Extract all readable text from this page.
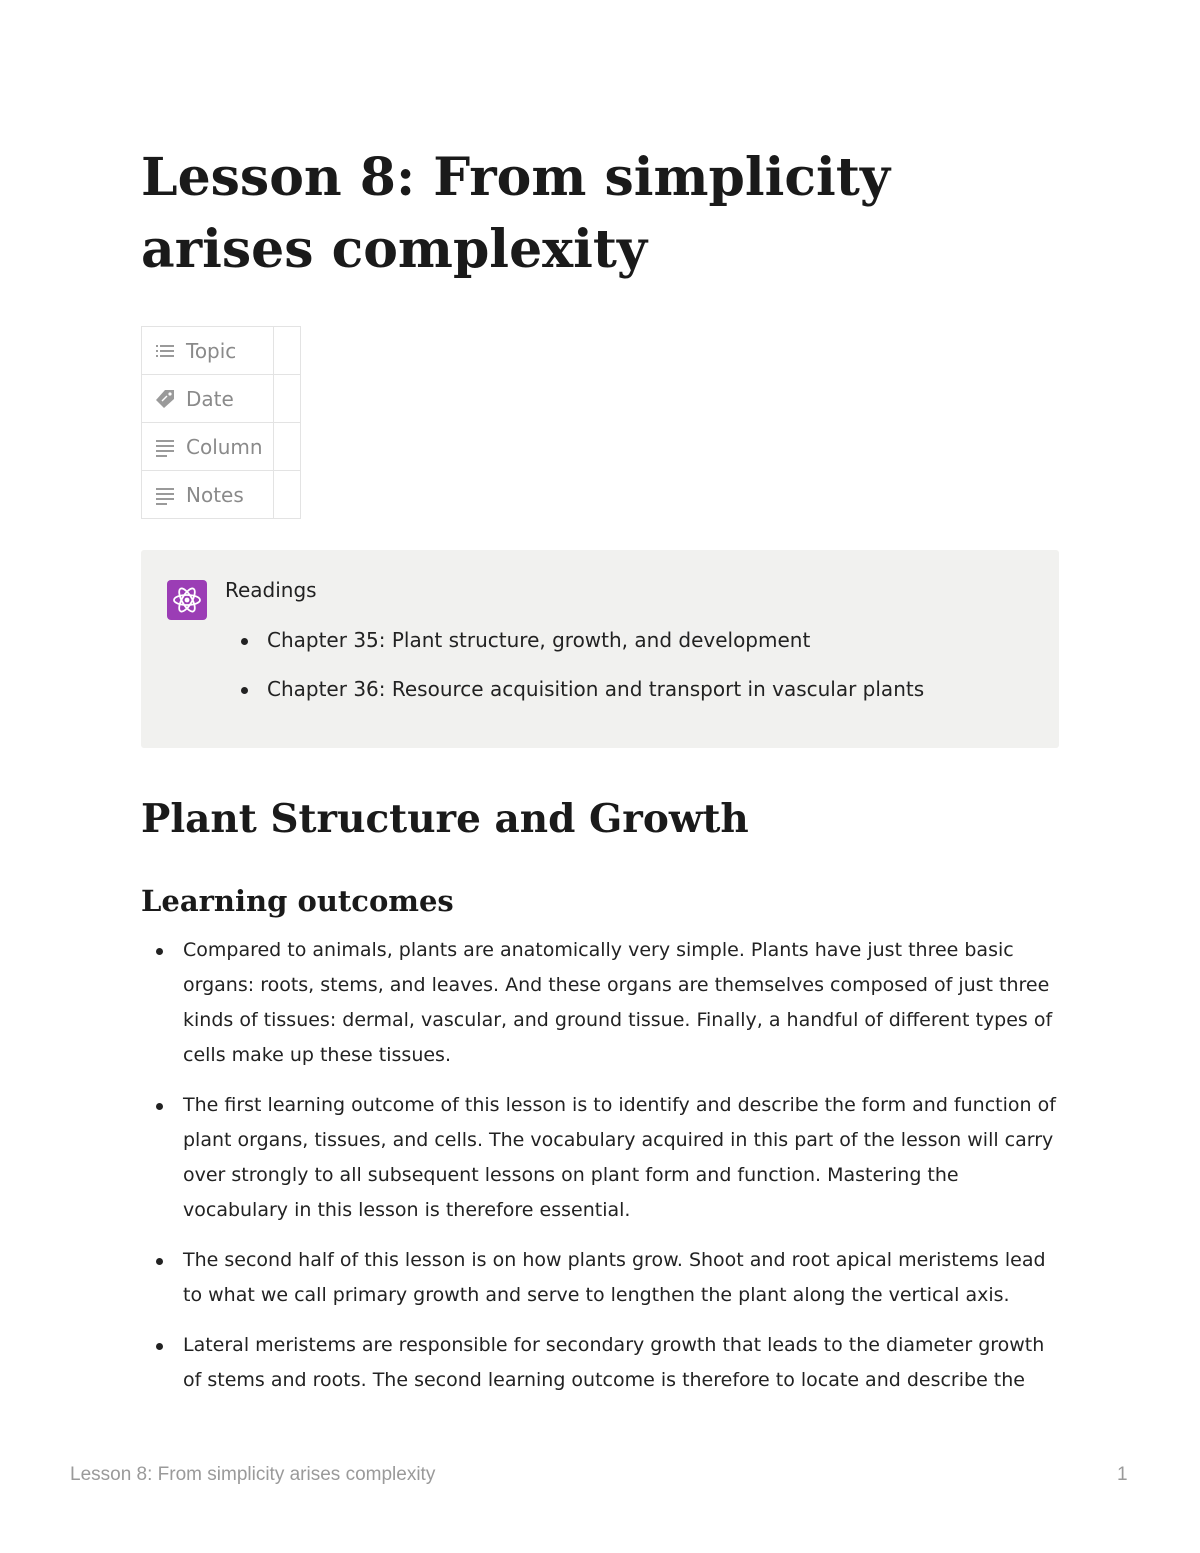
Lesson 8: From simplicity arises complexity
Topic	

Date	

Column	

Notes	

Readings
Chapter 35: Plant structure, growth, and development
Chapter 36: Resource acquisition and transport in vascular plants
Plant Structure and Growth
Learning outcomes
Compared to animals, plants are anatomically very simple. Plants have just three basic organs: roots, stems, and leaves. And these organs are themselves composed of just three kinds of tissues: dermal, vascular, and ground tissue. Finally, a handful of different types of cells make up these tissues.
The first learning outcome of this lesson is to identify and describe the form and function of plant organs, tissues, and cells. The vocabulary acquired in this part of the lesson will carry over strongly to all subsequent lessons on plant form and function. Mastering the vocabulary in this lesson is therefore essential.
The second half of this lesson is on how plants grow. Shoot and root apical meristems lead to what we call primary growth and serve to lengthen the plant along the vertical axis.
Lateral meristems are responsible for secondary growth that leads to the diameter growth of stems and roots. The second learning outcome is therefore to locate and describe the
Lesson 8: From simplicity arises complexity	1
